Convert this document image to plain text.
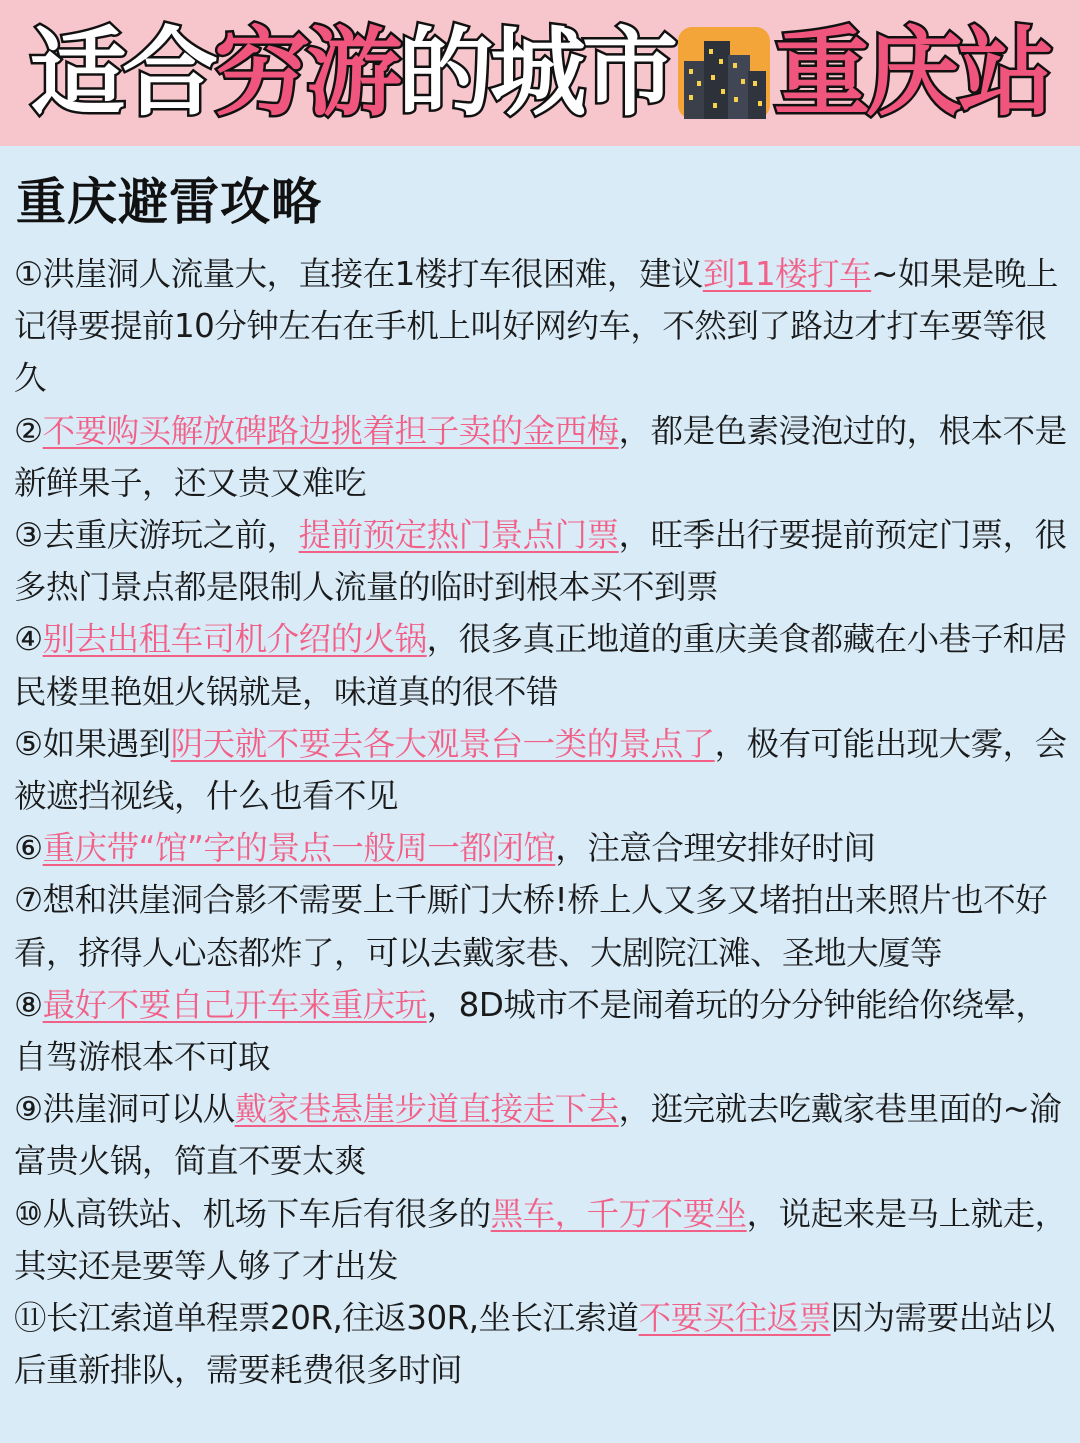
适合 穷游 的城市 重庆站
重庆避雷攻略
①洪崖洞人流量大，直接在1楼打车很困难，建议到11楼打车~如果是晚上记得要提前10分钟左右在手机上叫好网约车，不然到了路边才打车要等很久
②不要购买解放碑路边挑着担子卖的金西梅，都是色素浸泡过的，根本不是新鲜果子，还又贵又难吃
③去重庆游玩之前，提前预定热门景点门票，旺季出行要提前预定门票，很多热门景点都是限制人流量的临时到根本买不到票
④别去出租车司机介绍的火锅，很多真正地道的重庆美食都藏在小巷子和居民楼里艳姐火锅就是，味道真的很不错
⑤如果遇到阴天就不要去各大观景台一类的景点了，极有可能出现大雾，会被遮挡视线，什么也看不见
⑥重庆带“馆”字的景点一般周一都闭馆，注意合理安排好时间
⑦想和洪崖洞合影不需要上千厮门大桥!桥上人又多又堵拍出来照片也不好看，挤得人心态都炸了，可以去戴家巷、大剧院江滩、圣地大厦等
⑧最好不要自己开车来重庆玩，8D城市不是闹着玩的分分钟能给你绕晕，自驾游根本不可取
⑨洪崖洞可以从戴家巷悬崖步道直接走下去，逛完就去吃戴家巷里面的~渝富贵火锅，简直不要太爽
⑩从高铁站、机场下车后有很多的黑车，千万不要坐，说起来是马上就走，其实还是要等人够了才出发
⑪长江索道单程票20R,往返30R,坐长江索道不要买往返票因为需要出站以后重新排队，需要耗费很多时间
